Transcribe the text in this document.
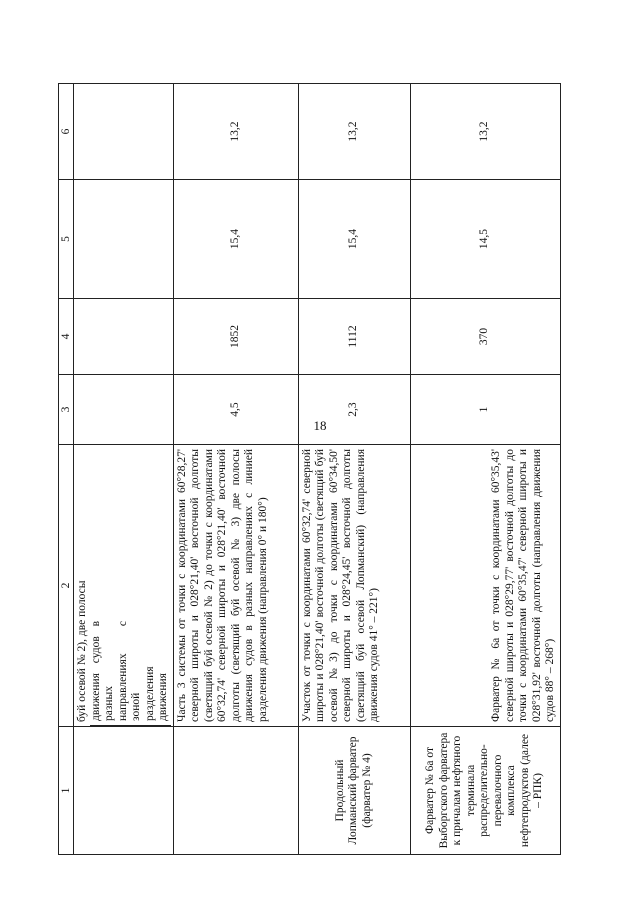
18
1	2	3	4	5	6

	буй осевой № 2), две полосы движения судов в разных направлениях с зоной разделения движения				

	Часть 3 системы от точки с координатами 60°28,27' северной широты и 028°21,40' восточной долготы (светящий буй осевой № 2) до точки с координатами 60°32,74' северной широты и 028°21,40' восточной долготы (светящий буй осевой № 3) две полосы движения судов в разных направлениях с линией разделения движения (направления 0° и 180°)	4,5	1852	15,4	13,2
Продольный Лопманский фарватер (фарватер № 4)	Участок от точки с координатами 60°32,74' северной широты и 028°21,40' восточной долготы (светящий буй осевой №3) до точки с координатами 60°34,50' северной широты и 028°24,45' восточной долготы (светящий буй осевой Лопманский) (направления движения судов 41° – 221°)	2,3	1112	15,4	13,2
Фарватер № 6а от Выборгского фарватера к причалам нефтяного терминала распределительно-перевалочного комплекса нефтепродуктов (далее – РПК)	Фарватер № 6а от точки с координатами 60°35,43' северной широты и 028°29,77' восточной долготы до точки с координатами 60°35,47' северной широты и 028°31,92' восточной долготы (направления движения судов 88° – 268°)	1	370	14,5	13,2
